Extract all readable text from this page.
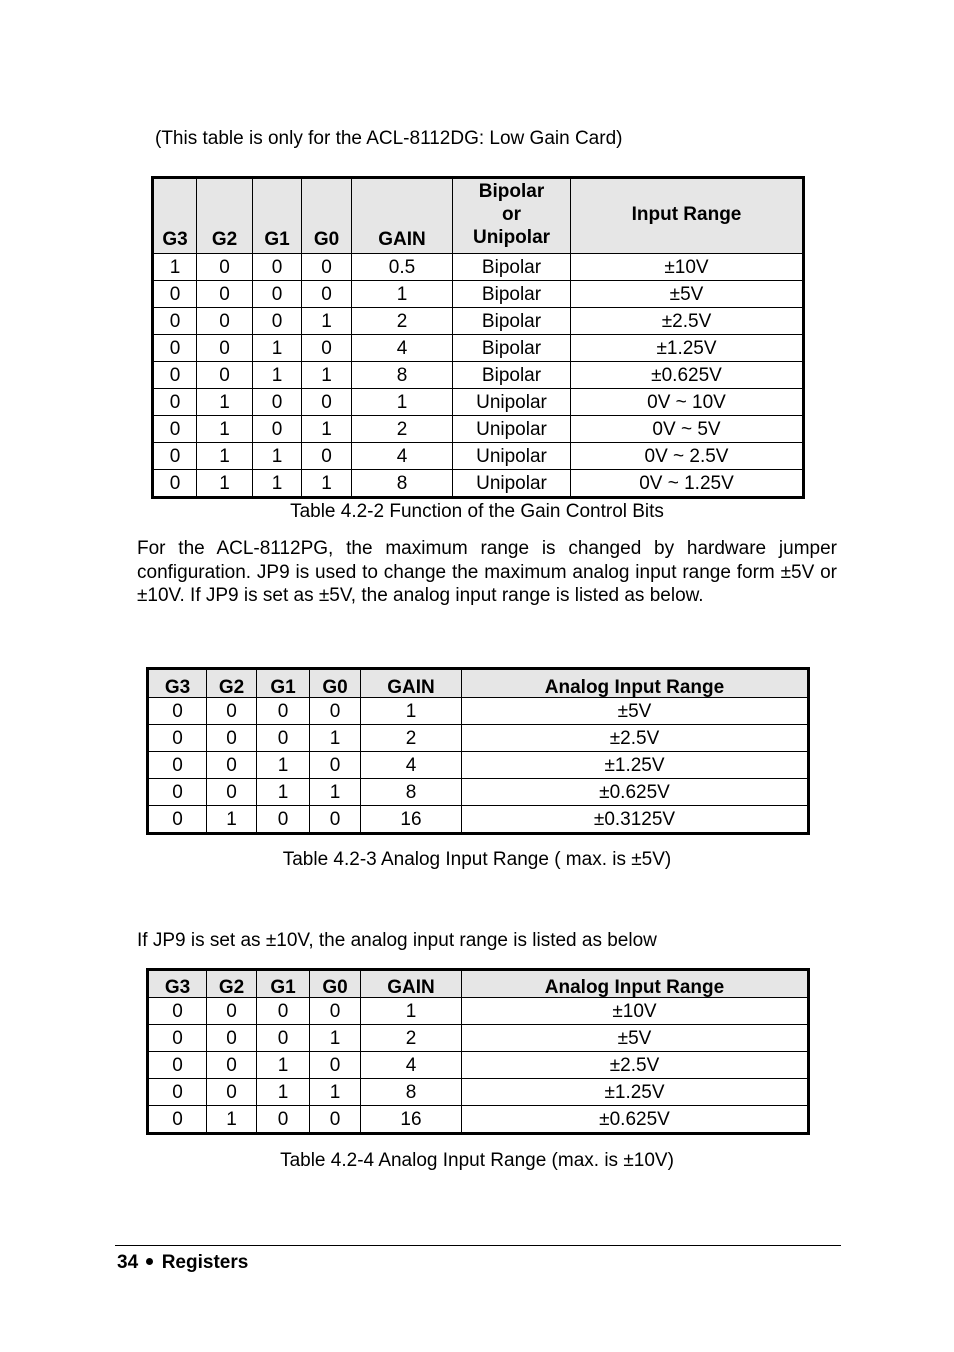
(This table is only for the ACL-8112DG: Low Gain Card)
G3	G2	G1	G0	GAIN	Bipolar
or
Unipolar	Input Range
1	0	0	0	0.5	Bipolar	±10V
0	0	0	0	1	Bipolar	±5V
0	0	0	1	2	Bipolar	±2.5V
0	0	1	0	4	Bipolar	±1.25V
0	0	1	1	8	Bipolar	±0.625V
0	1	0	0	1	Unipolar	0V ~ 10V
0	1	0	1	2	Unipolar	0V ~ 5V
0	1	1	0	4	Unipolar	0V ~ 2.5V
0	1	1	1	8	Unipolar	0V ~ 1.25V
Table 4.2-2 Function of the Gain Control Bits
For the ACL-8112PG, the maximum range is changed by hardware jumper configuration. JP9 is used to change the maximum analog input range form ±5V or ±10V. If JP9 is set as ±5V, the analog input range is listed as below.
G3	G2	G1	G0	GAIN	Analog Input Range
0	0	0	0	1	±5V
0	0	0	1	2	±2.5V
0	0	1	0	4	±1.25V
0	0	1	1	8	±0.625V
0	1	0	0	16	±0.3125V
Table 4.2-3 Analog Input Range ( max. is ±5V)
If JP9 is set as ±10V, the analog input range is listed as below
G3	G2	G1	G0	GAIN	Analog Input Range
0	0	0	0	1	±10V
0	0	0	1	2	±5V
0	0	1	0	4	±2.5V
0	0	1	1	8	±1.25V
0	1	0	0	16	±0.625V
Table 4.2-4 Analog Input Range (max. is ±10V)
34 Registers
